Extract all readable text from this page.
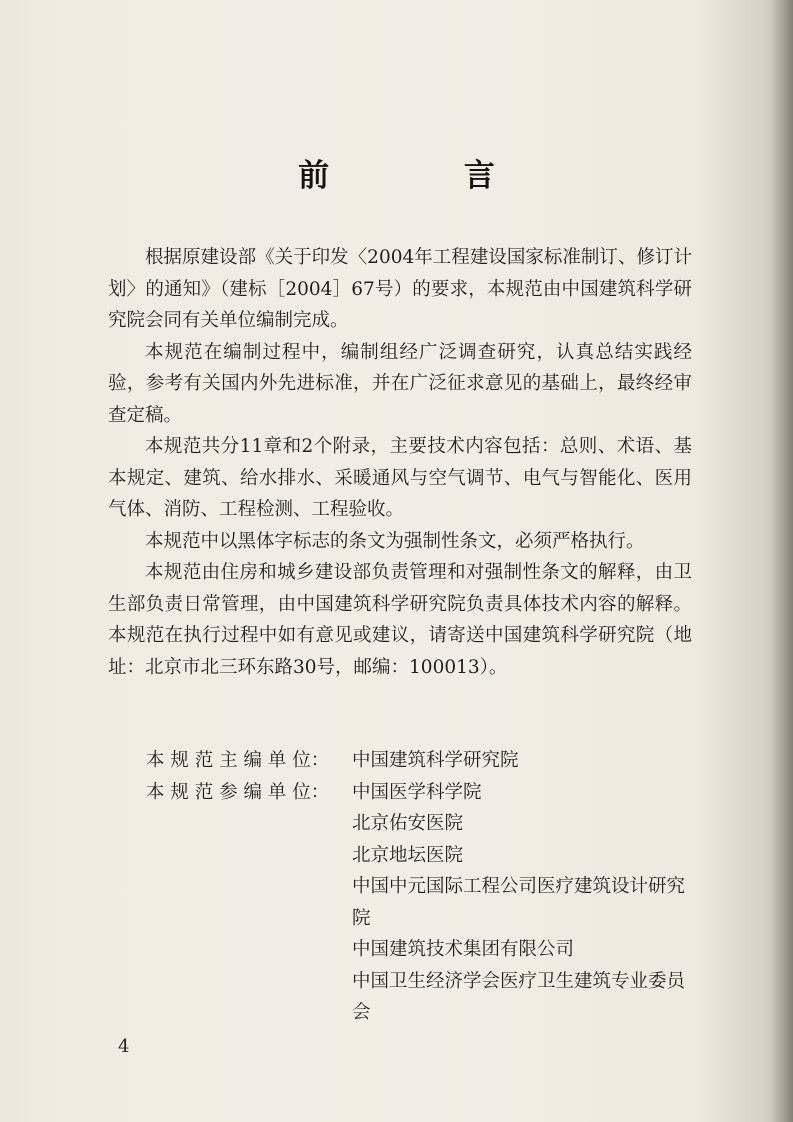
前 言

根据原建设部《关于印发〈2004年工程建设国家标准制订、修订计划〉的通知》（建标［2004］67号）的要求，本规范由中国建筑科学研究院会同有关单位编制完成。

本规范在编制过程中，编制组经广泛调查研究，认真总结实践经验，参考有关国内外先进标准，并在广泛征求意见的基础上，最终经审查定稿。

本规范共分11章和2个附录，主要技术内容包括：总则、术语、基本规定、建筑、给水排水、采暖通风与空气调节、电气与智能化、医用气体、消防、工程检测、工程验收。

本规范中以黑体字标志的条文为强制性条文，必须严格执行。

本规范由住房和城乡建设部负责管理和对强制性条文的解释，由卫生部负责日常管理，由中国建筑科学研究院负责具体技术内容的解释。本规范在执行过程中如有意见或建议，请寄送中国建筑科学研究院（地址：北京市北三环东路30号，邮编：100013）。

本 规 范 主 编 单 位：	中国建筑科学研究院
本 规 范 参 编 单 位：	中国医学科学院
北京佑安医院
北京地坛医院
中国中元国际工程公司医疗建筑设计研究院
中国建筑技术集团有限公司
中国卫生经济学会医疗卫生建筑专业委员会
4
